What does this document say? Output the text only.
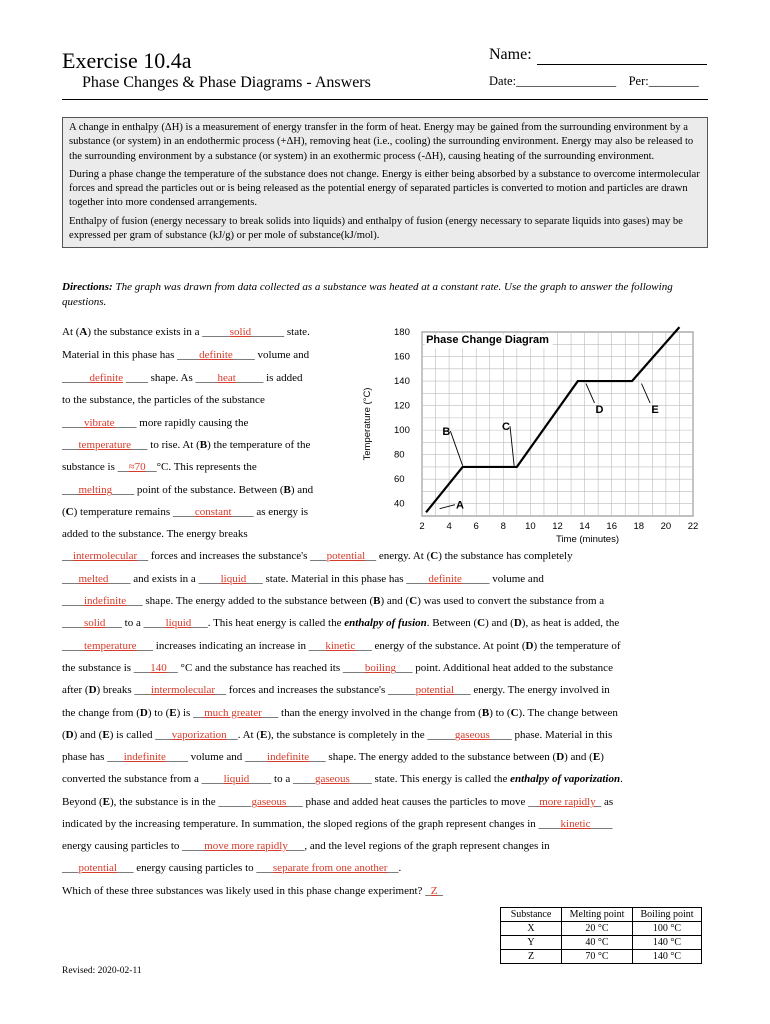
Exercise 10.4a
Phase Changes & Phase Diagrams - Answers
Name:
Date:________________ Per:________

A change in enthalpy (ΔH) is a measurement of energy transfer in the form of heat. Energy may be gained from the surrounding environment by a substance (or system) in an endothermic process (+ΔH), removing heat (i.e., cooling) the surrounding environment. Energy may also be released to the surrounding environment by a substance (or system) in an exothermic process (-ΔH), causing heating of the surrounding environment.

During a phase change the temperature of the substance does not change. Energy is either being absorbed by a substance to overcome intermolecular forces and spread the particles out or is being released as the potential energy of separated particles is converted to motion and particles are drawn together into more condensed arrangements.

Enthalpy of fusion (energy necessary to break solids into liquids) and enthalpy of fusion (energy necessary to separate liquids into gases) may be expressed per gram of substance (kJ/g) or per mole of substance(kJ/mol).

Directions: The graph was drawn from data collected as a substance was heated at a constant rate. Use the graph to answer the following questions.
2 4 6 8 10 12 14 16 18 20 22
40
60
80
100
120
140
160
180
Phase Change Diagram
A
B	C
D	E
Time (minutes)
Temperature (°C)
At (A) the substance exists in a _____solid______ state.
Material in this phase has ____definite____ volume and
_____definite ____ shape. As ____heat_____ is added
to the substance, the particles of the substance
____vibrate____ more rapidly causing the
___temperature___ to rise. At (B) the temperature of the
substance is __≈70__°C. This represents the
___melting____ point of the substance. Between (B) and
(C) temperature remains ____constant____ as energy is
added to the substance. The energy breaks
__intermolecular__ forces and increases the substance's ___potential__ energy. At (C) the substance has completely
___melted____ and exists in a ____liquid___ state. Material in this phase has ____definite_____ volume and
____indefinite___ shape. The energy added to the substance between (B) and (C) was used to convert the substance from a
____solid___ to a ____liquid___. This heat energy is called the enthalpy of fusion. Between (C) and (D), as heat is added, the
____temperature___ increases indicating an increase in ___kinetic___ energy of the substance. At point (D) the temperature of
the substance is ___140__ °C and the substance has reached its ____boiling___ point. Additional heat added to the substance
after (D) breaks ___intermolecular__ forces and increases the substance's _____potential___ energy. The energy involved in
the change from (D) to (E) is __much greater___ than the energy involved in the change from (B) to (C). The change between
(D) and (E) is called ___vaporization__. At (E), the substance is completely in the _____gaseous____ phase. Material in this
phase has ___indefinite____ volume and ____indefinite___ shape. The energy added to the substance between (D) and (E)
converted the substance from a ____liquid____ to a ____gaseous____ state. This energy is called the enthalpy of vaporization.
Beyond (E), the substance is in the ______gaseous___ phase and added heat causes the particles to move __more rapidly_ as
indicated by the increasing temperature. In summation, the sloped regions of the graph represent changes in ____kinetic____
energy causing particles to ____move more rapidly___, and the level regions of the graph represent changes in
___potential___ energy causing particles to ___separate from one another__.
Which of these three substances was likely used in this phase change experiment? _Z_
Substance	Melting point	Boiling point
X	20 °C	100 °C
Y	40 °C	140 °C
Z	70 °C	140 °C
Revised: 2020-02-11
